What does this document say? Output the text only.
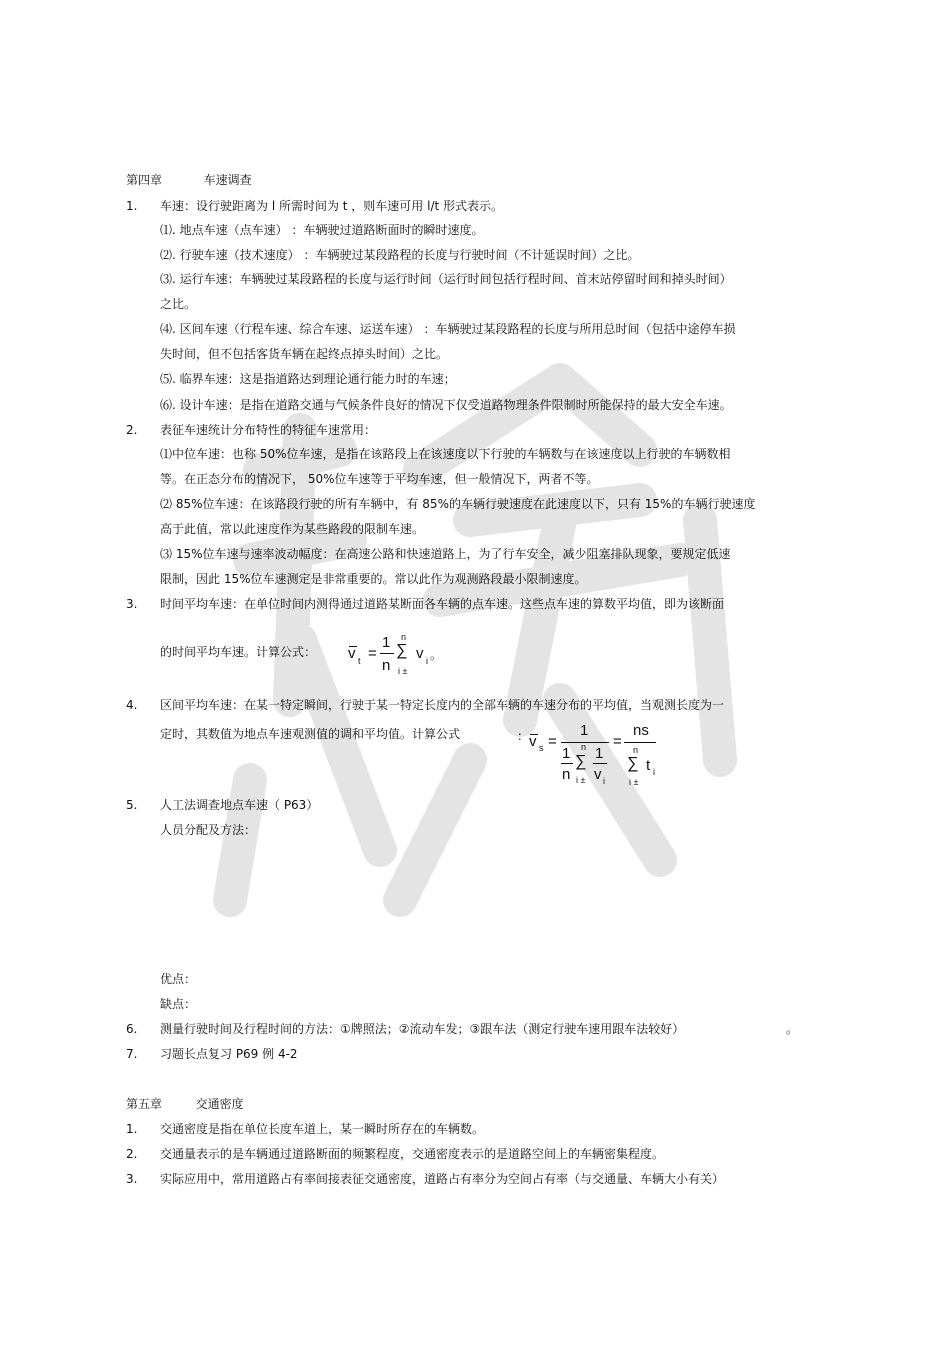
第四章	车速调查
1. 车速：设行驶距离为 l 所需时间为 t ，则车速可用 l/t 形式表示。
⑴. 地点车速（点车速） ：车辆驶过道路断面时的瞬时速度。
⑵. 行驶车速（技术速度） ：车辆驶过某段路程的长度与行驶时间（不计延误时间）之比。
⑶. 运行车速：车辆驶过某段路程的长度与运行时间（运行时间包括行程时间、首末站停留时间和掉头时间）
之比。
⑷. 区间车速（行程车速、综合车速、运送车速） ：车辆驶过某段路程的长度与所用总时间（包括中途停车损
失时间，但不包括客货车辆在起终点掉头时间）之比。
⑸. 临界车速：这是指道路达到理论通行能力时的车速；
⑹. 设计车速：是指在道路交通与气候条件良好的情况下仅受道路物理条件限制时所能保持的最大安全车速。
2. 表征车速统计分布特性的特征车速常用：
⑴中位车速：也称 50%位车速，是指在该路段上在该速度以下行驶的车辆数与在该速度以上行驶的车辆数相
等。在正态分布的情况下， 50%位车速等于平均车速，但一般情况下，两者不等。
⑵ 85%位车速：在该路段行驶的所有车辆中，有 85%的车辆行驶速度在此速度以下，只有 15%的车辆行驶速度
高于此值，常以此速度作为某些路段的限制车速。
⑶ 15%位车速与速率波动幅度：在高速公路和快速道路上，为了行车安全，减少阻塞排队现象，要规定低速
限制，因此 15%位车速测定是非常重要的。常以此作为观测路段最小限制速度。
3. 时间平均车速：在单位时间内测得通过道路某断面各车辆的点车速。这些点车速的算数平均值，即为该断面
的时间平均车速。计算公式： v t =
1
n
n
∑
i ±
v i 。
4. 区间平均车速：在某一特定瞬间，行驶于某一特定长度内的全部车辆的车速分布的平均值，当观测长度为一
定时，其数值为地点车速观测值的调和平均值。计算公式	： v s =
1
1
n
n
∑
i ±
1
v i
=
ns
n
∑ t i
i ±
5. 人工法调查地点车速（ P63）
人员分配及方法：
优点：
缺点：
6. 测量行驶时间及行程时间的方法：①牌照法；②流动车发；③跟车法（测定行驶车速用跟车法较好）	。
7. 习题长点复习 P69 例 4-2
第五章	交通密度
1. 交通密度是指在单位长度车道上，某一瞬时所存在的车辆数。
2. 交通量表示的是车辆通过道路断面的频繁程度，交通密度表示的是道路空间上的车辆密集程度。
3. 实际应用中，常用道路占有率间接表征交通密度，道路占有率分为空间占有率（与交通量、车辆大小有关）
